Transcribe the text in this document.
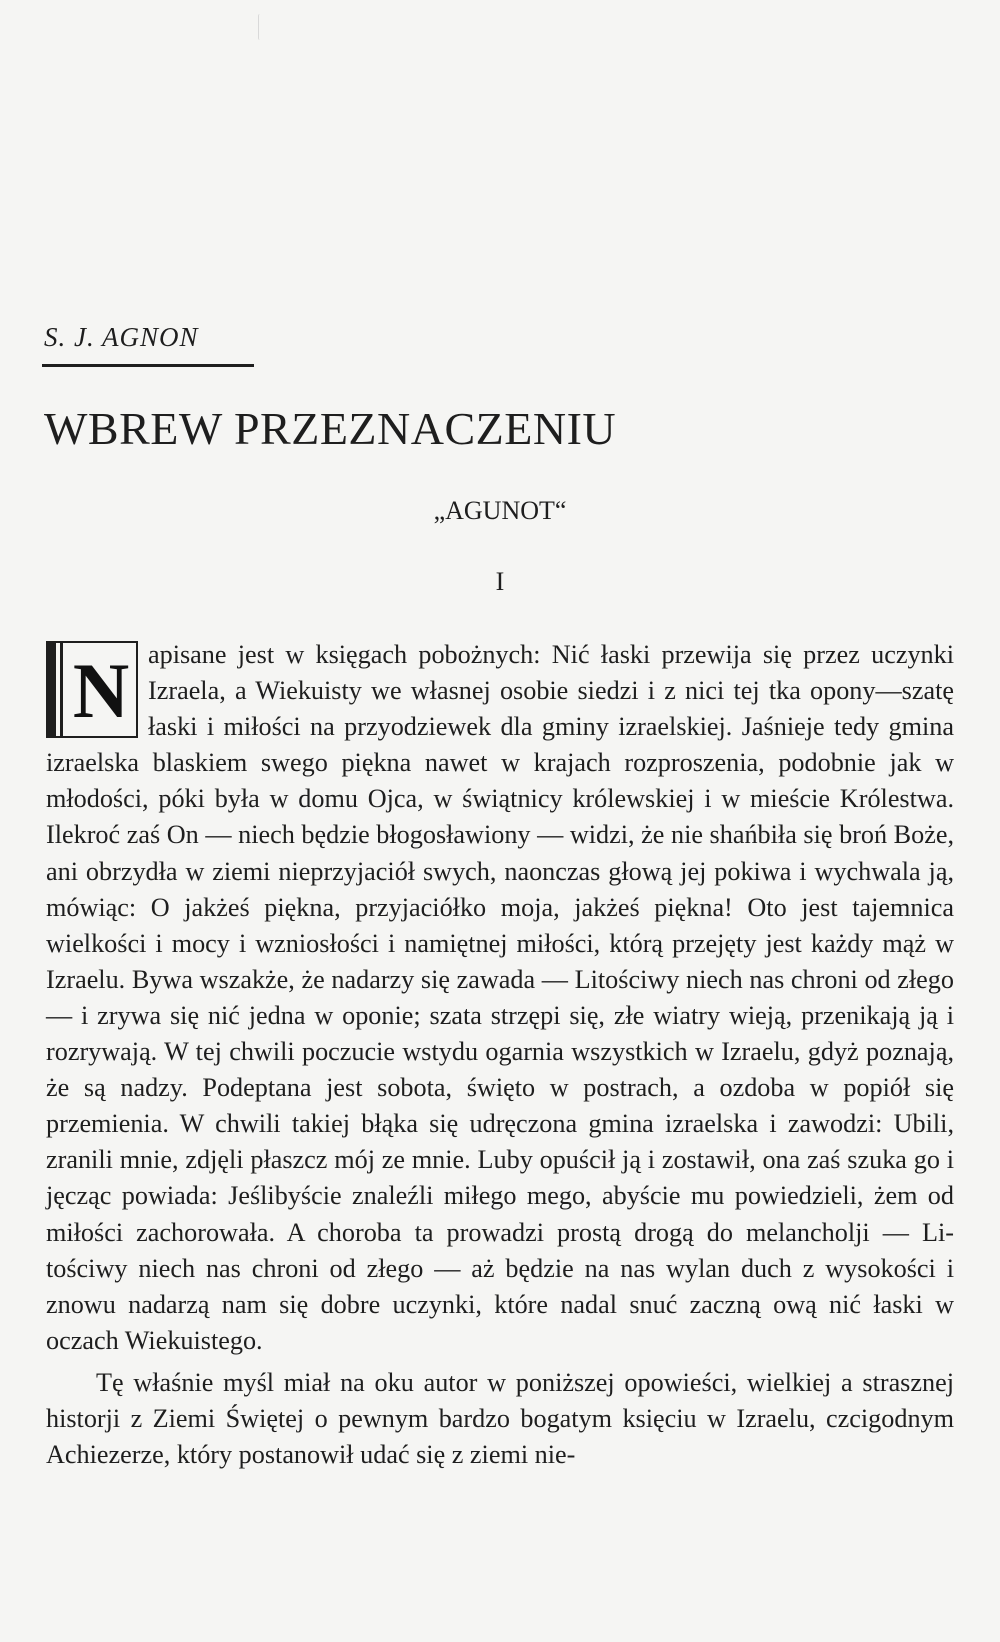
S. J. AGNON
WBREW PRZEZNACZENIU
„AGUNOT“
I

N apisane jest w księgach pobożnych: Nić łaski przewija się przez uczynki Izraela, a Wiekuisty we własnej osobie siedzi i z nici tej tka opony—szatę łaski i miłości na przyodziewek dla gminy izraelskiej. Jaśnieje tedy gmina izraelska blaskiem swego piękna nawet w krajach rozproszenia, podobnie jak w młodości, póki była w domu Ojca, w świątnicy królewskiej i w mieście Królestwa. Ilekroć zaś On — niech będzie błogosławiony — widzi, że nie shańbiła się broń Boże, ani obrzydła w ziemi nieprzyjaciół swych, naonczas głową jej pokiwa i wychwala ją, mówiąc: O jakżeś piękna, przyjaciółko moja, jakżeś piękna! Oto jest tajemnica wielkości i mocy i wzniosłości i namiętnej miłości, którą przejęty jest każdy mąż w Izraelu. Bywa wszakże, że nadarzy się zawada — Litościwy niech nas chroni od złego — i zrywa się nić jedna w oponie; szata strzępi się, złe wiatry wieją, przenikają ją i rozrywają. W tej chwili poczucie wstydu ogarnia wszystkich w Izraelu, gdyż poznają, że są nadzy. Podeptana jest sobota, święto w postrach, a ozdoba w popiół się przemienia. W chwili takiej błąka się udręczona gmina izraelska i zawodzi: Ubili, zranili mnie, zdjęli płaszcz mój ze mnie. Luby opuścił ją i zostawił, ona zaś szuka go i jęcząc powiada: Jeślibyście znaleźli miłego mego, abyście mu powiedzieli, żem od miłości zachorowała. A choroba ta prowadzi prostą drogą do melancholji — Litościwy niech nas chroni od złego — aż będzie na nas wylan duch z wysokości i znowu nadarzą nam się dobre uczynki, które nadal snuć zaczną ową nić łaski w oczach Wiekuistego.

Tę właśnie myśl miał na oku autor w poniższej opowieści, wielkiej a strasznej historji z Ziemi Świętej o pewnym bardzo bogatym księciu w Izraelu, czcigodnym Achiezerze, który postanowił udać się z ziemi nie-
